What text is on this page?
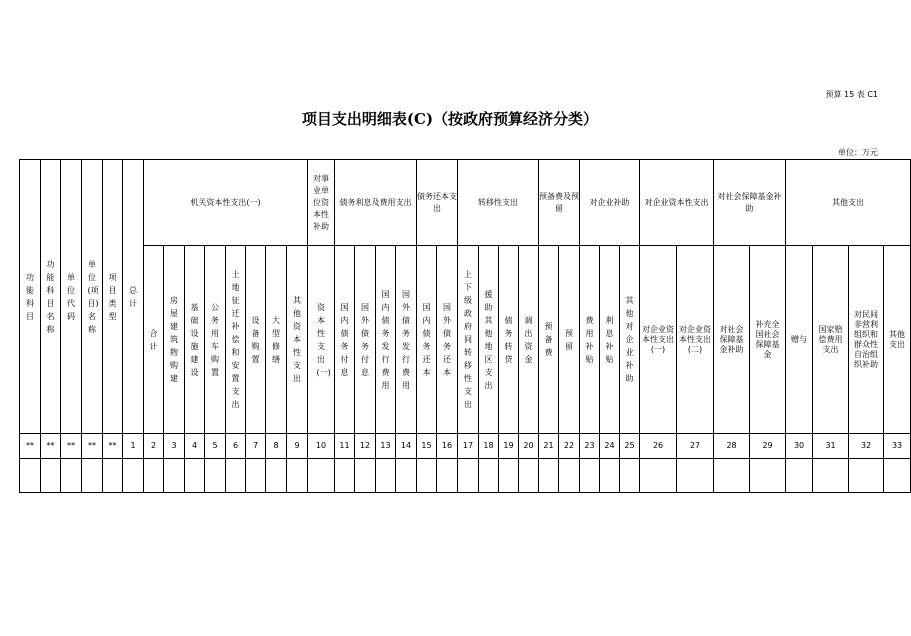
预算 15 表 C1
项目支出明细表(C)（按政府预算经济分类）
单位：万元
功能科目	功能科目名称	单位代码	单位(项目)名称	项目类型	总计	机关资本性支出(一)								对事业单位资本性补助	债务利息及费用支出				债务还本支出		转移性支出				预备费及预留		对企业补助			对企业资本性支出		对社会保障基金补助		其他支出			
						合计	房屋建筑物购建	基础设施建设	公务用车购置	土地征迁补偿和安置支出	设备购置	大型修缮	其他资本性支出	资本性支出(一)	国内债务付息	国外债务付息	国内债务发行费用	国外债务发行费用	国内债务还本	国外债务还本	上下级政府间转移性支出	援助其他地区支出	债务转贷	调出资金	预备费	预留	费用补贴	利息补贴	其他对企业补助	对企业资本性支出(一)	对企业资本性支出(二)	对社会保障基金补助	补充全国社会保障基金	赠与	国家赔偿费用支出	对民间非营利组织和群众性自治组织补助	其他支出
**	**	**	**	**	1	2	3	4	5	6	7	8	9	10	11	12	13	14	15	16	17	18	19	20	21	22	23	24	25	26	27	28	29	30	31	32	33
